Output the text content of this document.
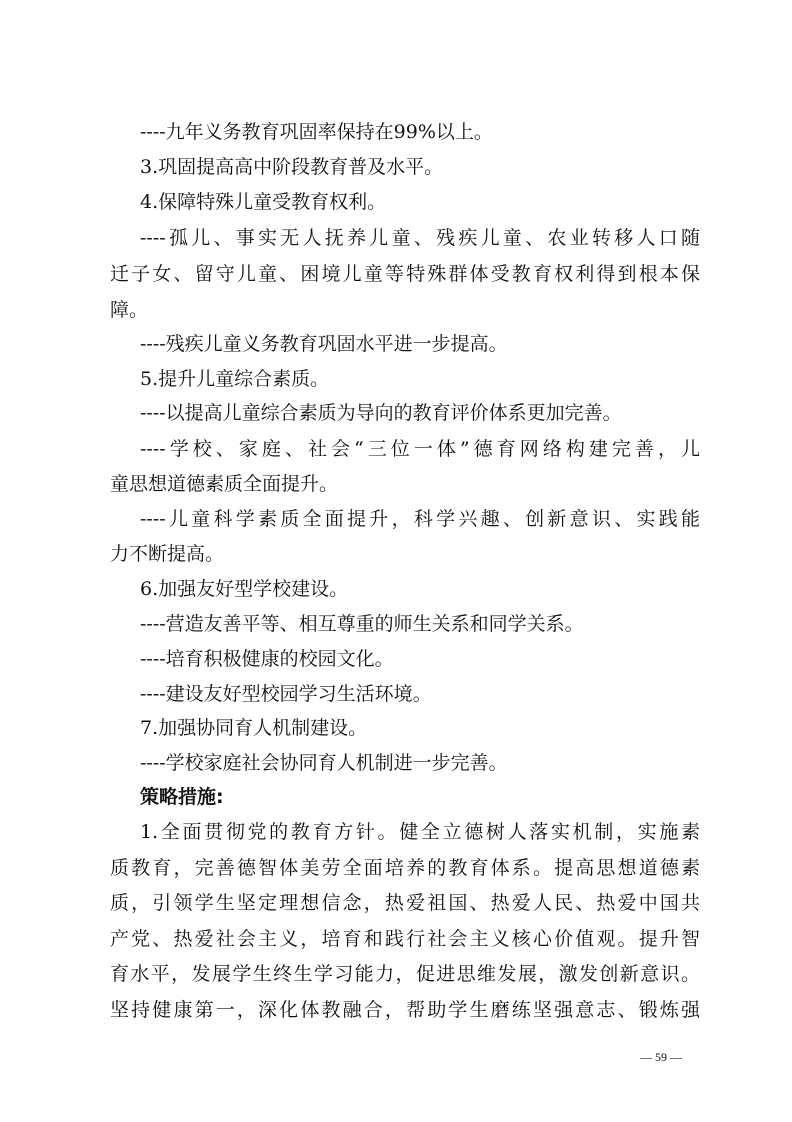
----九年义务教育巩固率保持在99%以上。
3.巩固提高高中阶段教育普及水平。
4.保障特殊儿童受教育权利。
----孤儿、事实无人抚养儿童、残疾儿童、农业转移人口随
迁子女、留守儿童、困境儿童等特殊群体受教育权利得到根本保
障。
----残疾儿童义务教育巩固水平进一步提高。
5.提升儿童综合素质。
----以提高儿童综合素质为导向的教育评价体系更加完善。
----学校、家庭、社会“三位一体”德育网络构建完善，儿
童思想道德素质全面提升。
----儿童科学素质全面提升，科学兴趣、创新意识、实践能
力不断提高。
6.加强友好型学校建设。
----营造友善平等、相互尊重的师生关系和同学关系。
----培育积极健康的校园文化。
----建设友好型校园学习生活环境。
7.加强协同育人机制建设。
----学校家庭社会协同育人机制进一步完善。
策略措施:
1.全面贯彻党的教育方针。健全立德树人落实机制，实施素
质教育，完善德智体美劳全面培养的教育体系。提高思想道德素
质，引领学生坚定理想信念，热爱祖国、热爱人民、热爱中国共
产党、热爱社会主义，培育和践行社会主义核心价值观。提升智
育水平，发展学生终生学习能力，促进思维发展，激发创新意识。
坚持健康第一，深化体教融合，帮助学生磨练坚强意志、锻炼强
— 59 —
